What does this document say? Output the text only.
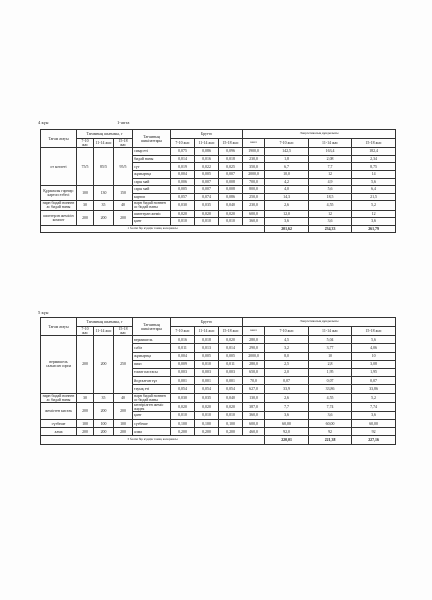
4 күн	1-апта
Тағам атауы	Тағамның шығымы, г			Тағамның шикізаттары	Брутто			Энергетикалық құндылығы			
	7-10 жас	11-14 жас	15-18 жас		7-10 жас	11-14 жас	15-18 жас	ккал	7-10 жас	11-14 жас	15-18 жас
от котлеті	75/5	85/5	95/5	сиыр еті	0,075	0,086	0,096	1900,0	142,5	163,4	182,4
				бидай наны	0,014	0,016	0,018	230,0	1,8	2,08	2,34
				сүт	0,019	0,022	0,025	350,0	6,7	7,7	8,75
				жұмыртқа	0,004	0,005	0,007	2000,0	10,0	12	14
				сары май	0,006	0,007	0,008	700,0	4,2	4,9	5,6
Құрамалы гарнир: картоп езбесі	100	130	150	сары май	0,005	0,007	0,008	800,0	4,0	5,6	6,4
				картоп	0,057	0,074	0,086	250,0	14,3	18,5	21,5
нарн бидай ноннен ас бидай наны	30	35	40	нарн бидай ноннен ас бидай наны	0,030	0,035	0,040	230,0	2,6	4,55	5,2
шиөтерлн жемісін компот	200	200	200	шиөтерлн жеміс	0,020	0,020	0,020	600,0	12,0	12	12
				қант	0,010	0,010	0,010	360,0	3,6	3,6	3,6
1 бөлім бір күндік тамақ калориясы									201,62	234,33	261,79
5 күн
Тағам атауы	Тағамның шығымы, г			Тағамның шикізаттары	Брутто			Энергетикалық құндылығы			
	7-10 жас	11-14 жас	15-18 жас		7-10 жас	11-14 жас	15-18 жас	ккал	7-10 жас	11-14 жас	15-18 жас
вермишель сальисан сорпа	200	200	250	вермишель	0,016	0,018	0,020	280,0	4,5	5,04	5,6
				сәбіз	0,011	0,013	0,014	290,0	3,2	3,77	4,06
				жұмыртқа	0,004	0,005	0,005	2000,0	8,0	10	10
				пияз	0,009	0,010	0,011	280,0	2,5	2,8	3,08
				томат пастасы	0,003	0,003	0,003	650,0	2,0	1,95	1,95
				йодталған тұз	0,001	0,001	0,001	70,0	0,07	0,07	0,07
				тауық еті	0,054	0,054	0,054	627,0	33,9	33,86	33,86
нарн бидай ноннен ас бидай наны	30	35	40	нарн бидай ноннен ас бидай наны	0,030	0,035	0,040	130,0	2,6	4,55	5,2
жемістен кисель	200	200	200	кептірілген жеміс жидек	0,020	0,020	0,020	387,0	7,7	7,74	7,74
				қант	0,010	0,010	0,010	360,0	3,6	3,6	3,6
сүтбеше	100	100	100	сүтбеше	0,100	0,100	0,100	600,0	60,00	60,00	60,00
алма	200	200	200	алма	0,200	0,200	0,200	460,0	92,0	92	92
3 бөлім бір күндік тамақ калориясы									220,01	221,38	227,16
